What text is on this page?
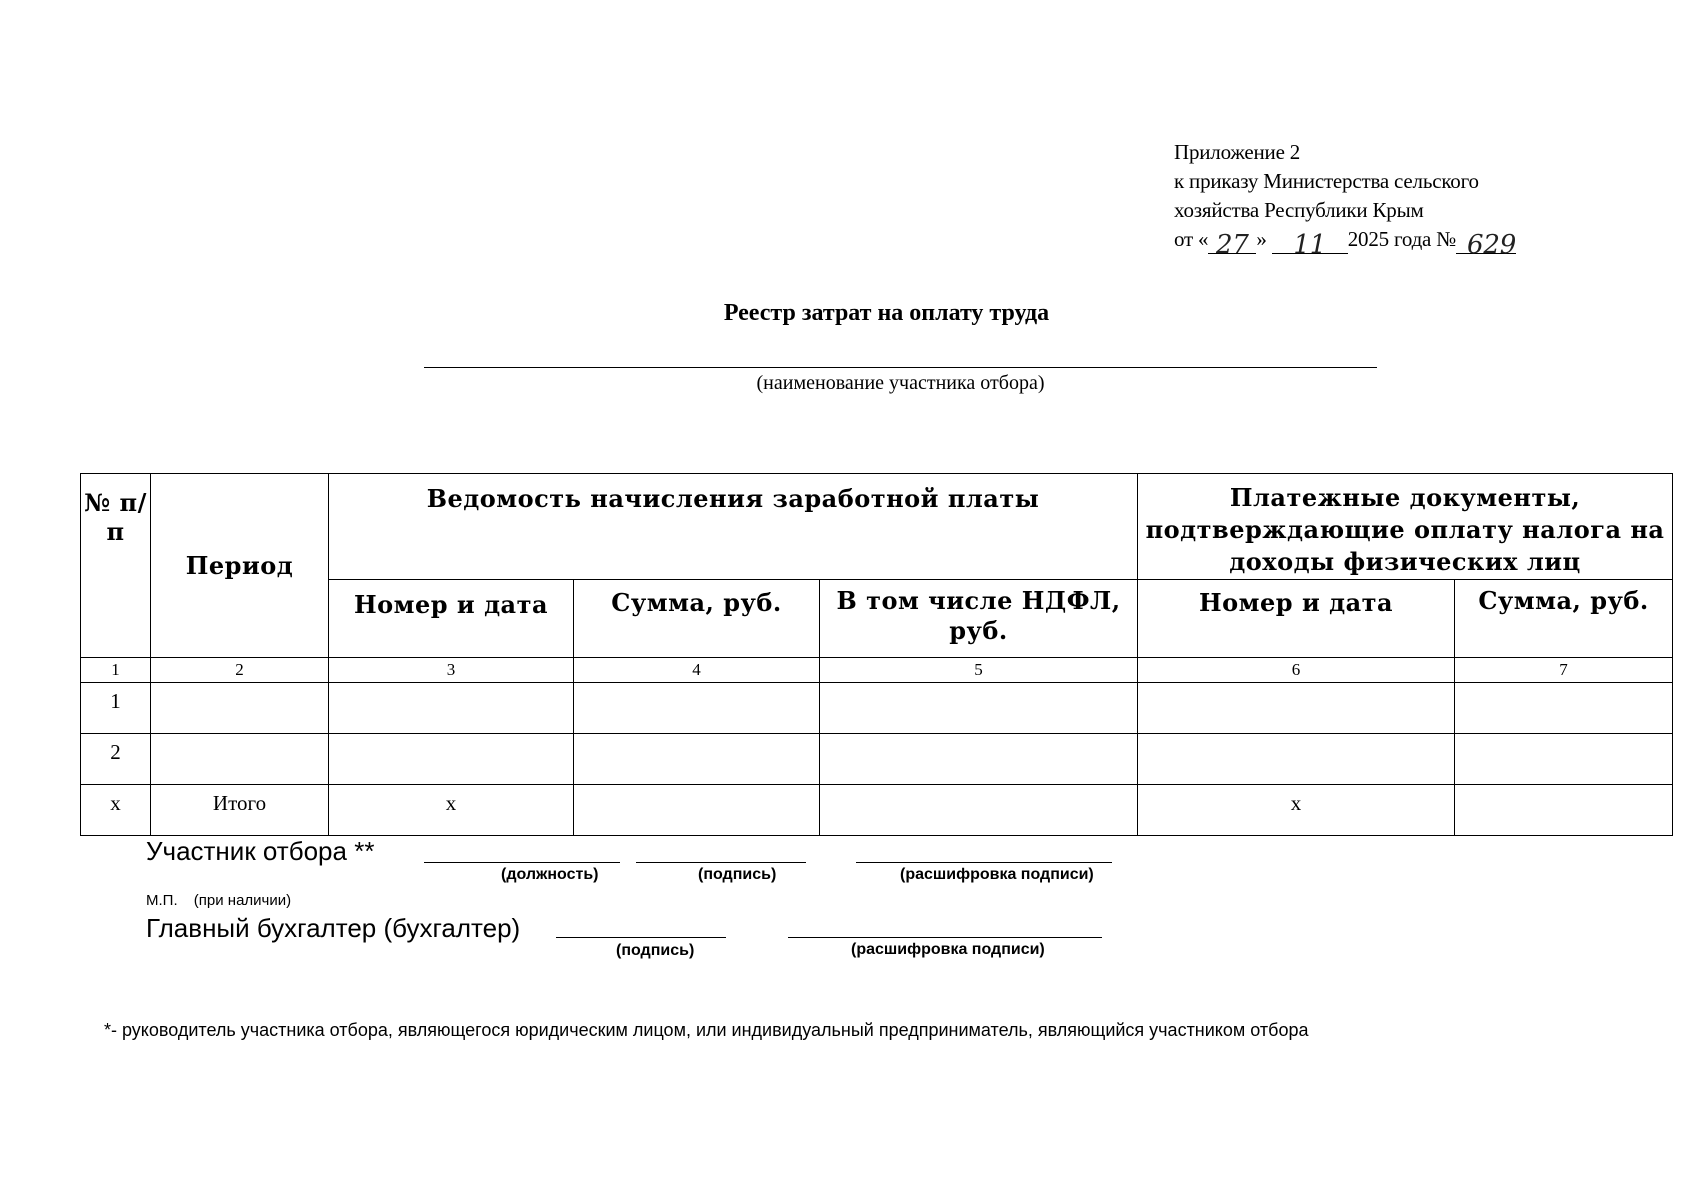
Приложение 2
к приказу Министерства сельского
хозяйства Республики Крым
от « 27 » 11 2025 года № 629
Реестр затрат на оплату труда
(наименование участника отбора)
№ п/п	Период	Ведомость начисления заработной платы			Платежные документы, подтверждающие оплату налога на доходы физических лиц	
		Номер и дата	Сумма, руб.	В том числе НДФЛ, руб.	Номер и дата	Сумма, руб.
1	2	3	4	5	6	7
1						
2						
х	Итого	х			х	
Участник отбора **
(должность)	(подпись)	(расшифровка подписи)
М.П. (при наличии)
Главный бухгалтер (бухгалтер)
(подпись)	(расшифровка подписи)
*- руководитель участника отбора, являющегося юридическим лицом, или индивидуальный предприниматель, являющийся участником отбора
